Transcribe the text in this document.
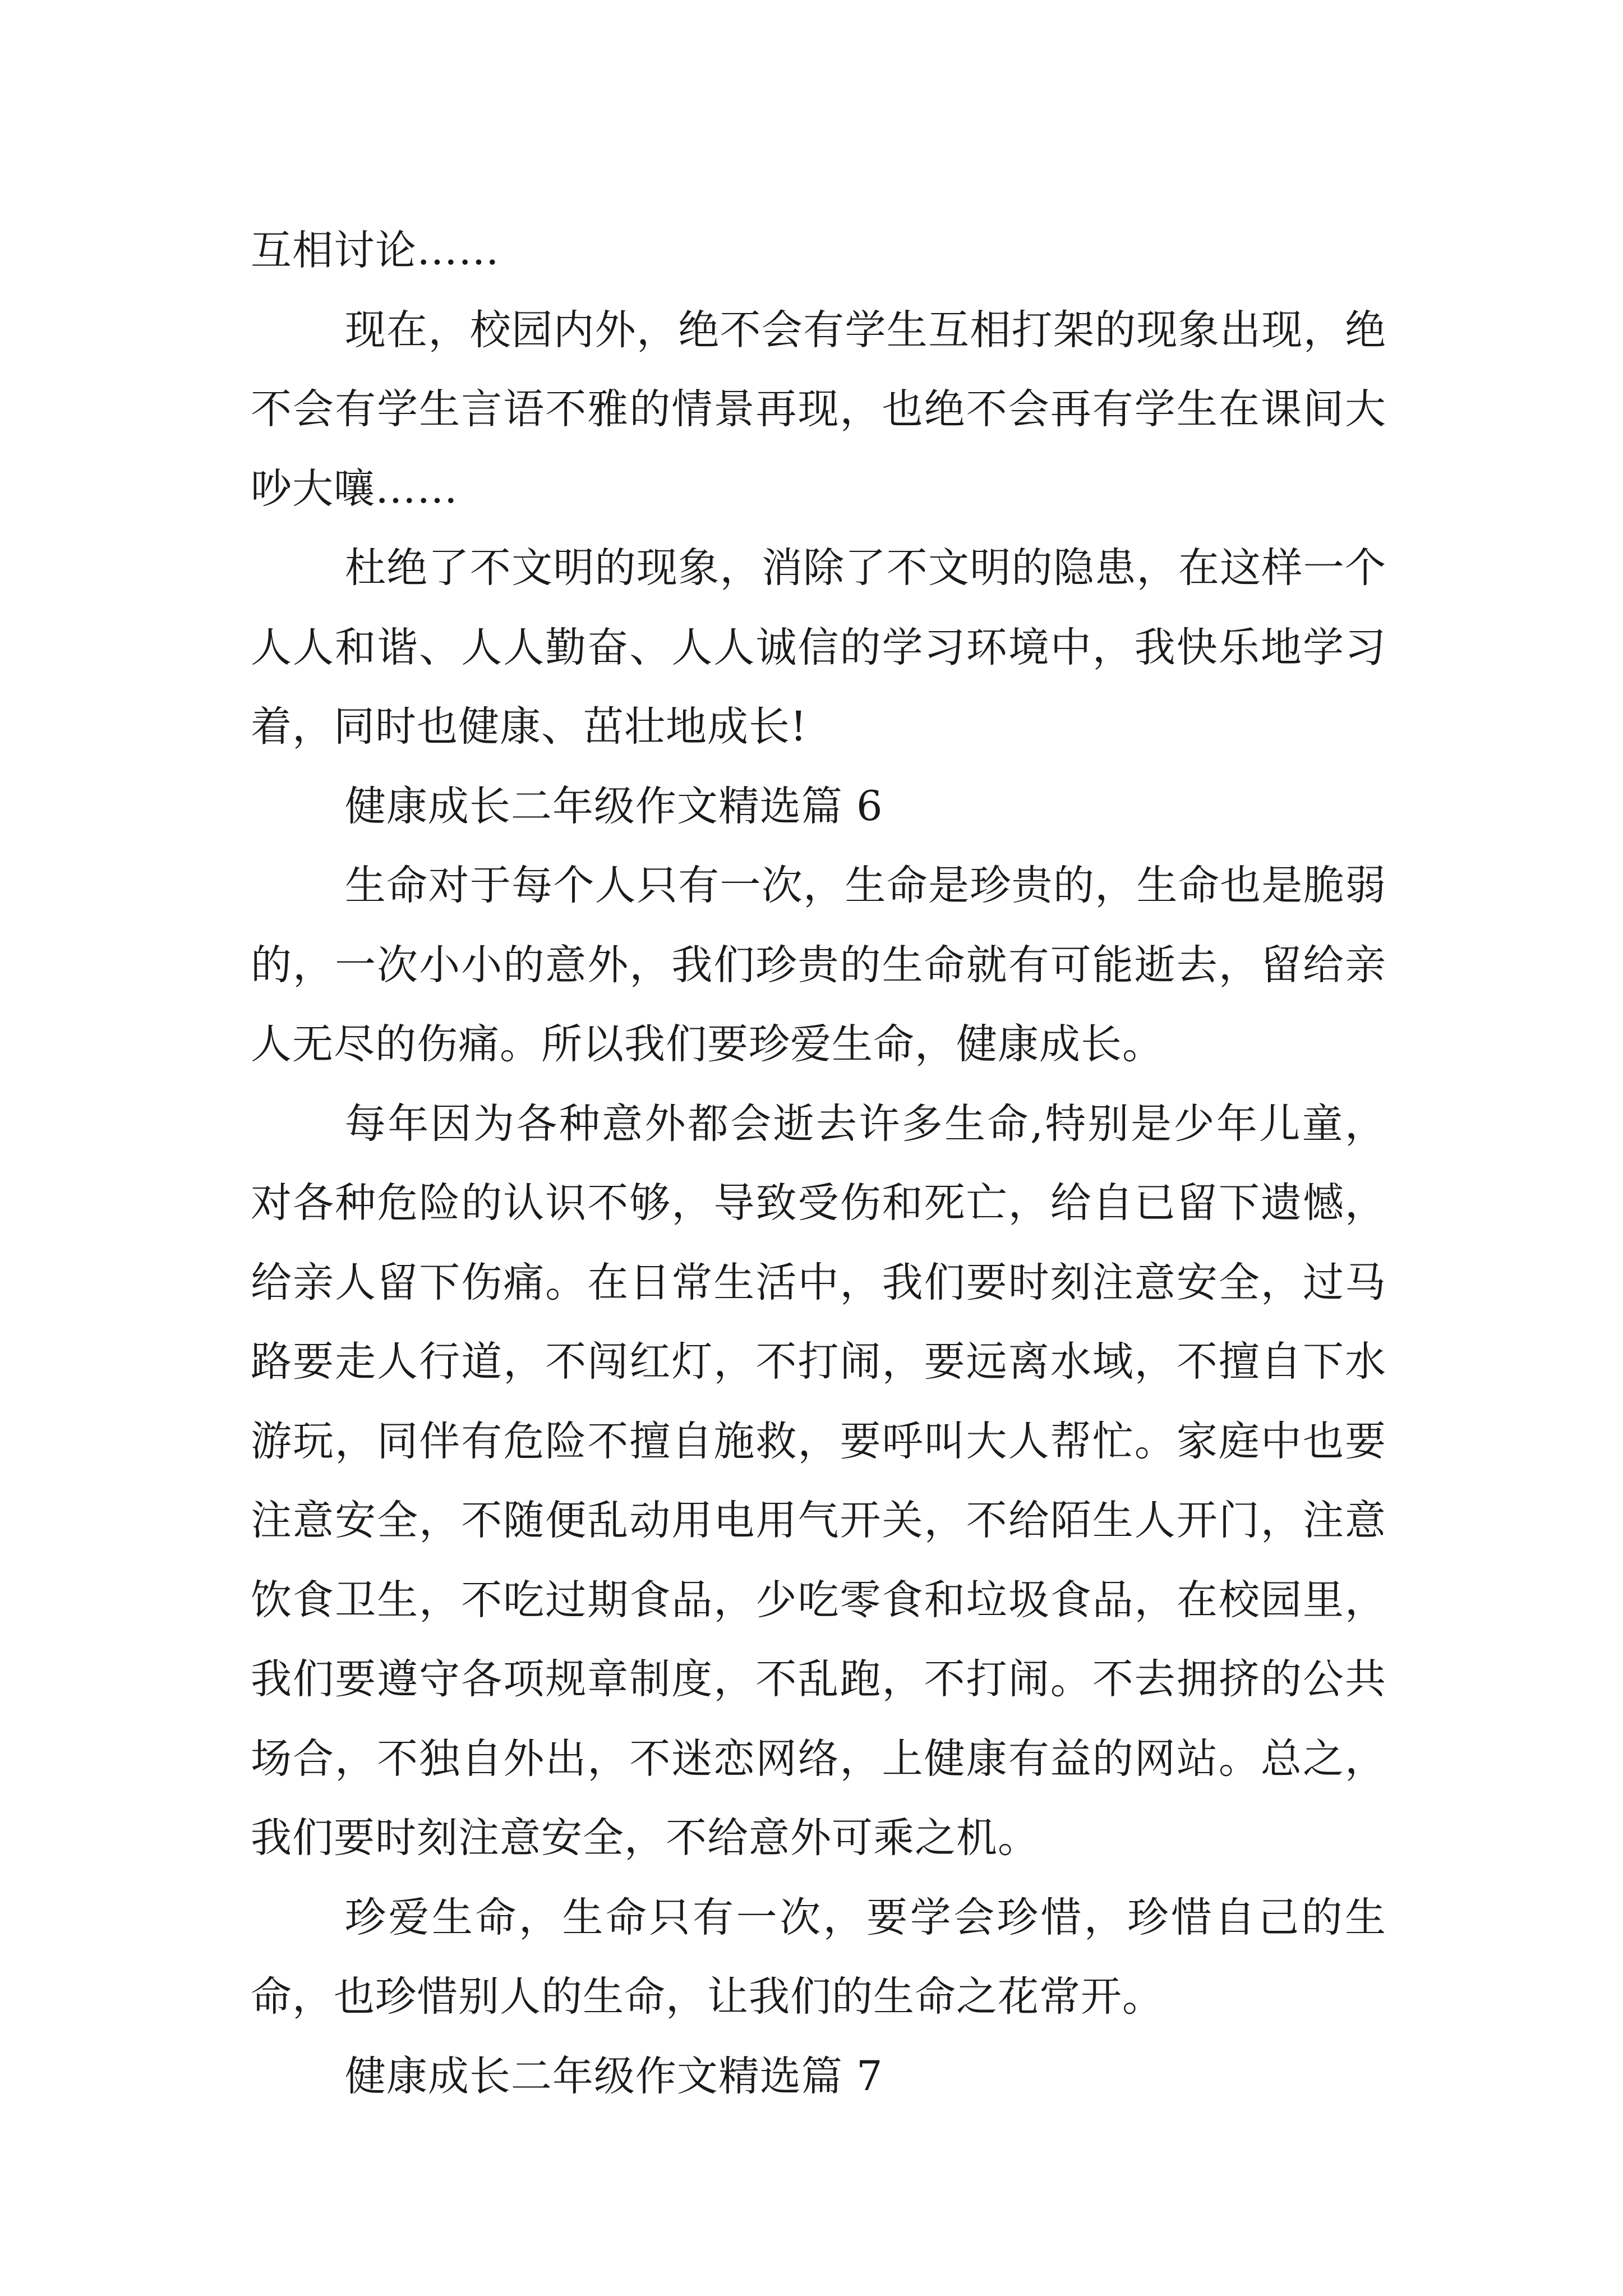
互相讨论……

现在，校园内外，绝不会有学生互相打架的现象出现，绝不会有学生言语不雅的情景再现，也绝不会再有学生在课间大吵大嚷……

杜绝了不文明的现象，消除了不文明的隐患，在这样一个人人和谐、人人勤奋、人人诚信的学习环境中，我快乐地学习着，同时也健康、茁壮地成长!

健康成长二年级作文精选篇 6

生命对于每个人只有一次，生命是珍贵的，生命也是脆弱的，一次小小的意外，我们珍贵的生命就有可能逝去，留给亲人无尽的伤痛。所以我们要珍爱生命，健康成长。

每年因为各种意外都会逝去许多生命,特别是少年儿童，对各种危险的认识不够，导致受伤和死亡，给自已留下遗憾，给亲人留下伤痛。在日常生活中，我们要时刻注意安全，过马路要走人行道，不闯红灯，不打闹，要远离水域，不擅自下水游玩，同伴有危险不擅自施救，要呼叫大人帮忙。家庭中也要注意安全，不随便乱动用电用气开关，不给陌生人开门，注意饮食卫生，不吃过期食品，少吃零食和垃圾食品，在校园里，我们要遵守各项规章制度，不乱跑，不打闹。不去拥挤的公共场合，不独自外出，不迷恋网络，上健康有益的网站。总之，我们要时刻注意安全，不给意外可乘之机。

珍爱生命，生命只有一次，要学会珍惜，珍惜自己的生命，也珍惜别人的生命，让我们的生命之花常开。

健康成长二年级作文精选篇 7
